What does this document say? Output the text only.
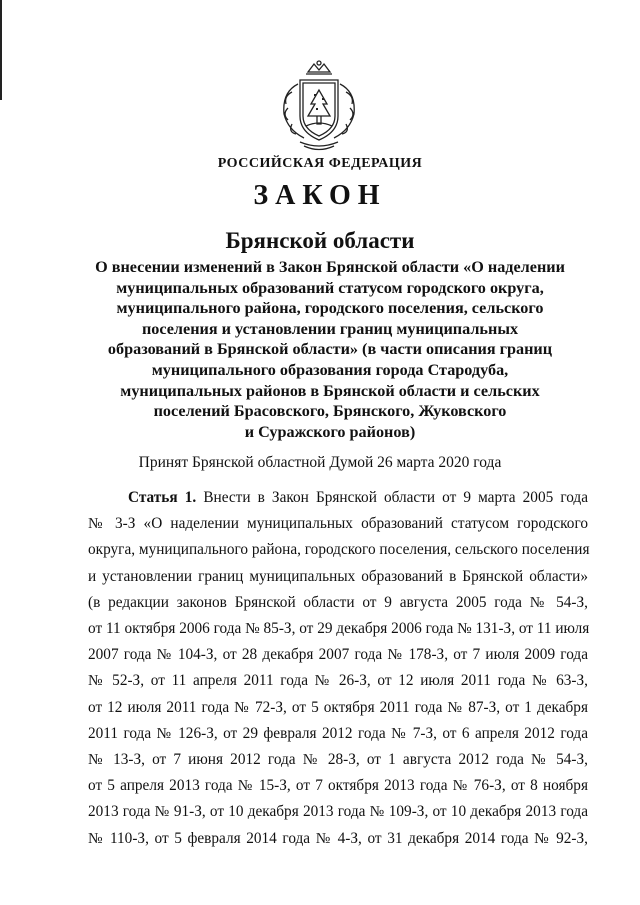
РОССИЙСКАЯ ФЕДЕРАЦИЯ
ЗАКОН
Брянской области
О внесении изменений в Закон Брянской области «О наделении
муниципальных образований статусом городского округа,
муниципального района, городского поселения, сельского
поселения и установлении границ муниципальных
образований в Брянской области» (в части описания границ
муниципального образования города Стародуба,
муниципальных районов в Брянской области и сельских
поселений Брасовского, Брянского, Жуковского
и Суражского районов)
Принят Брянской областной Думой 26 марта 2020 года
Статья 1. Внести в Закон Брянской области от 9 марта 2005 года
№ 3-З «О наделении муниципальных образований статусом городского
округа, муниципального района, городского поселения, сельского поселения
и установлении границ муниципальных образований в Брянской области»
(в редакции законов Брянской области от 9 августа 2005 года № 54-З,
от 11 октября 2006 года № 85-З, от 29 декабря 2006 года № 131-З, от 11 июля
2007 года № 104-З, от 28 декабря 2007 года № 178-З, от 7 июля 2009 года
№ 52-З, от 11 апреля 2011 года № 26-З, от 12 июля 2011 года № 63-З,
от 12 июля 2011 года № 72-З, от 5 октября 2011 года № 87-З, от 1 декабря
2011 года № 126-З, от 29 февраля 2012 года № 7-З, от 6 апреля 2012 года
№ 13-З, от 7 июня 2012 года № 28-З, от 1 августа 2012 года № 54-З,
от 5 апреля 2013 года № 15-З, от 7 октября 2013 года № 76-З, от 8 ноября
2013 года № 91-З, от 10 декабря 2013 года № 109-З, от 10 декабря 2013 года
№ 110-З, от 5 февраля 2014 года № 4-З, от 31 декабря 2014 года № 92-З,
